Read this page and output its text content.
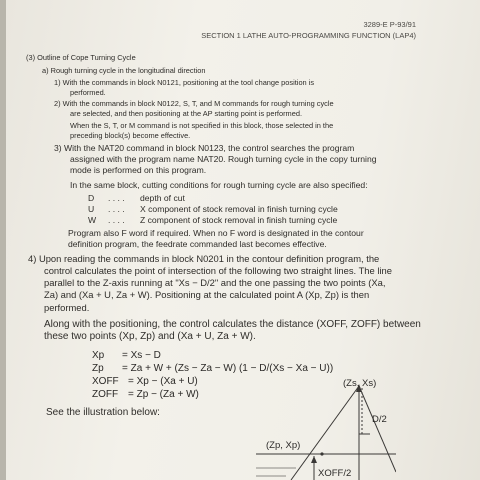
3289-E P-93/91
SECTION 1 LATHE AUTO-PROGRAMMING FUNCTION (LAP4)
(3) Outline of Cope Turning Cycle
a) Rough turning cycle in the longitudinal direction
1) With the commands in block N0121, positioning at the tool change position is
performed.
2) With the commands in block N0122, S, T, and M commands for rough turning cycle
are selected, and then positioning at the AP starting point is performed.
When the S, T, or M command is not specified in this block, those selected in the
preceding block(s) become effective.
3) With the NAT20 command in block N0123, the control searches the program
assigned with the program name NAT20. Rough turning cycle in the copy turning
mode is performed on this program.
In the same block, cutting conditions for rough turning cycle are also specified:
D . . . . depth of cut
U . . . . X component of stock removal in finish turning cycle
W . . . . Z component of stock removal in finish turning cycle
Program also F word if required. When no F word is designated in the contour
definition program, the feedrate commanded last becomes effective.
4) Upon reading the commands in block N0201 in the contour definition program, the
control calculates the point of intersection of the following two straight lines. The line
parallel to the Z-axis running at "Xs − D/2" and the one passing the two points (Xa,
Za) and (Xa + U, Za + W). Positioning at the calculated point A (Xp, Zp) is then
performed.
Along with the positioning, the control calculates the distance (XOFF, ZOFF) between
these two points (Xp, Zp) and (Xa + U, Za + W).
Xp = Xs − D
Zp = Za + W + (Zs − Za − W) (1 − D/(Xs − Xa − U))
XOFF = Xp − (Xa + U)
ZOFF = Zp − (Za + W)
See the illustration below:
(Zs, Xs)
D/2
(Zp, Xp)
XOFF/2
